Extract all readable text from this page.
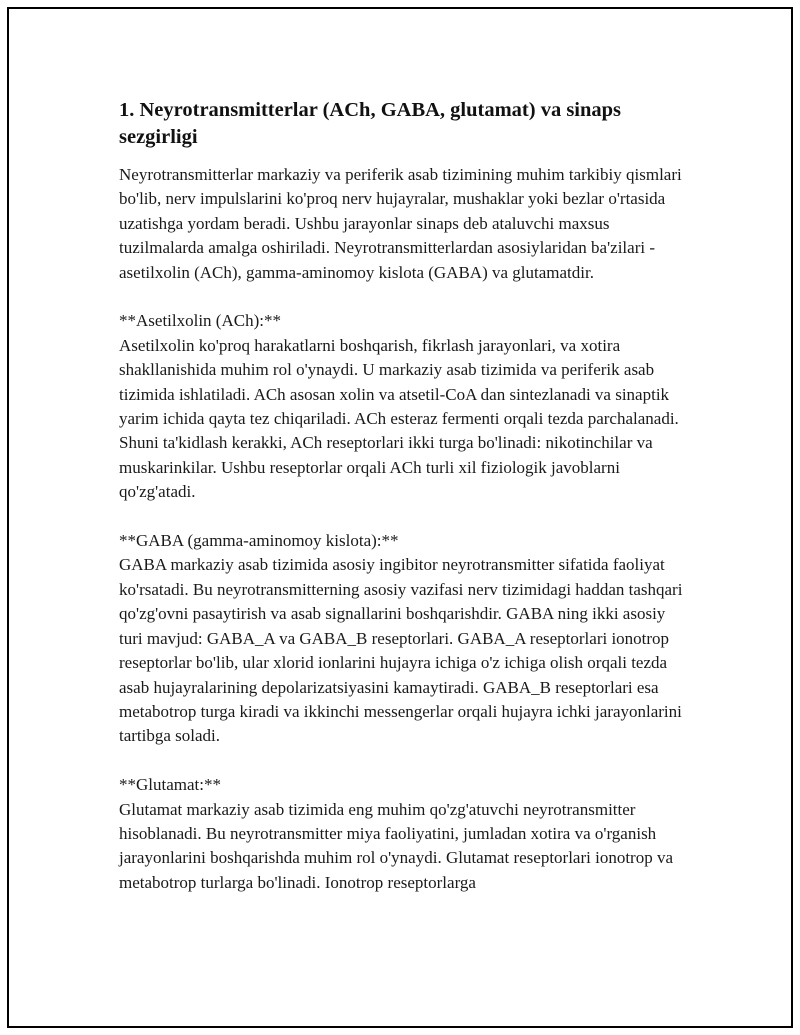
1. Neyrotransmitterlar (ACh, GABA, glutamat) va sinaps sezgirligi

Neyrotransmitterlar markaziy va periferik asab tizimining muhim tarkibiy qismlari bo'lib, nerv impulslarini ko'proq nerv hujayralar, mushaklar yoki bezlar o'rtasida uzatishga yordam beradi. Ushbu jarayonlar sinaps deb ataluvchi maxsus tuzilmalarda amalga oshiriladi. Neyrotransmitterlardan asosiylaridan ba'zilari - asetilxolin (ACh), gamma-aminomoy kislota (GABA) va glutamatdir.

**Asetilxolin (ACh):**

Asetilxolin ko'proq harakatlarni boshqarish, fikrlash jarayonlari, va xotira shakllanishida muhim rol o'ynaydi. U markaziy asab tizimida va periferik asab tizimida ishlatiladi. ACh asosan xolin va atsetil-CoA dan sintezlanadi va sinaptik yarim ichida qayta tez chiqariladi. ACh esteraz fermenti orqali tezda parchalanadi. Shuni ta'kidlash kerakki, ACh reseptorlari ikki turga bo'linadi: nikotinchilar va muskarinkilar. Ushbu reseptorlar orqali ACh turli xil fiziologik javoblarni qo'zg'atadi.

**GABA (gamma-aminomoy kislota):**

GABA markaziy asab tizimida asosiy ingibitor neyrotransmitter sifatida faoliyat ko'rsatadi. Bu neyrotransmitterning asosiy vazifasi nerv tizimidagi haddan tashqari qo'zg'ovni pasaytirish va asab signallarini boshqarishdir. GABA ning ikki asosiy turi mavjud: GABA_A va GABA_B reseptorlari. GABA_A reseptorlari ionotrop reseptorlar bo'lib, ular xlorid ionlarini hujayra ichiga o'z ichiga olish orqali tezda asab hujayralarining depolarizatsiyasini kamaytiradi. GABA_B reseptorlari esa metabotrop turga kiradi va ikkinchi messengerlar orqali hujayra ichki jarayonlarini tartibga soladi.

**Glutamat:**

Glutamat markaziy asab tizimida eng muhim qo'zg'atuvchi neyrotransmitter hisoblanadi. Bu neyrotransmitter miya faoliyatini, jumladan xotira va o'rganish jarayonlarini boshqarishda muhim rol o'ynaydi. Glutamat reseptorlari ionotrop va metabotrop turlarga bo'linadi. Ionotrop reseptorlarga
